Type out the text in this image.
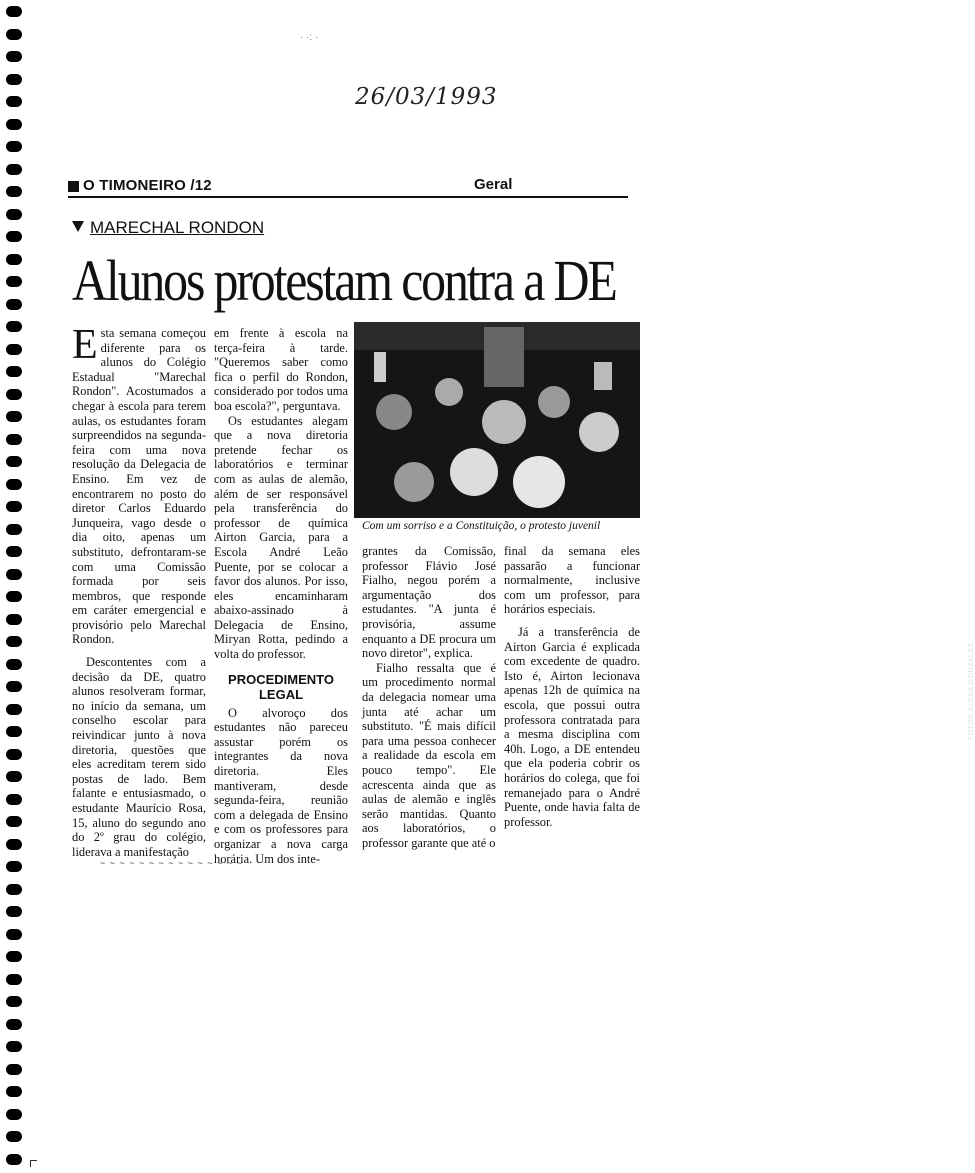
· ·: ·
26/03/1993
O TIMONEIRO /12	Geral
MARECHAL RONDON
Alunos protestam contra a DE

Esta semana começou diferente para os alunos do Colégio Estadual "Marechal Rondon". Acostumados a chegar à escola para terem aulas, os estudantes foram surpreendidos na segunda-feira com uma nova resolução da Delegacia de Ensino. Em vez de encontrarem no posto do diretor Carlos Eduardo Junqueira, vago desde o dia oito, apenas um substituto, defrontaram-se com uma Comissão formada por seis membros, que responde em caráter emergencial e provisório pelo Marechal Rondon.

Descontentes com a decisão da DE, quatro alunos resolveram formar, no início da semana, um conselho escolar para reivindicar junto à nova diretoria, questões que eles acreditam terem sido postas de lado. Bem falante e entusiasmado, o estudante Maurício Rosa, 15, aluno do segundo ano do 2º grau do colégio, liderava a manifestação

em frente à escola na terça-feira à tarde. "Queremos saber como fica o perfil do Rondon, considerado por todos uma boa escola?", perguntava.

Os estudantes alegam que a nova diretoria pretende fechar os laboratórios e terminar com as aulas de alemão, além de ser responsável pela transferência do professor de química Airton Garcia, para a Escola André Leão Puente, por se colocar a favor dos alunos. Por isso, eles encaminharam abaixo-assinado à Delegacia de Ensino, Miryan Rotta, pedindo a volta do professor.

PROCEDIMENTO LEGAL

O alvoroço dos estudantes não pareceu assustar porém os integrantes da nova diretoria. Eles mantiveram, desde segunda-feira, reunião com a delegada de Ensino e com os professores para organizar a nova carga horária. Um dos inte-

FOTOS ALEXA GONZALEZ
Com um sorriso e a Constituição, o protesto juvenil

grantes da Comissão, professor Flávio José Fialho, negou porém a argumentação dos estudantes. "A junta é provisória, assume enquanto a DE procura um novo diretor", explica.

Fialho ressalta que é um procedimento normal da delegacia nomear uma junta até achar um substituto. "É mais difícil para uma pessoa conhecer a realidade da escola em pouco tempo". Ele acrescenta ainda que as aulas de alemão e inglês serão mantidas. Quanto aos laboratórios, o professor garante que até o

final da semana eles passarão a funcionar normalmente, inclusive com um professor, para horários especiais.

Já a transferência de Airton Garcia é explicada com excedente de quadro. Isto é, Airton lecionava apenas 12h de química na escola, que possui outra professora contratada para a mesma disciplina com 40h. Logo, a DE entendeu que ela poderia cobrir os horários do colega, que foi remanejado para o André Puente, onde havia falta de professor.

~ ~ ~ ~ ~ ~ ~ ~ ~ ~ ~ ~ ~ ~ ~
